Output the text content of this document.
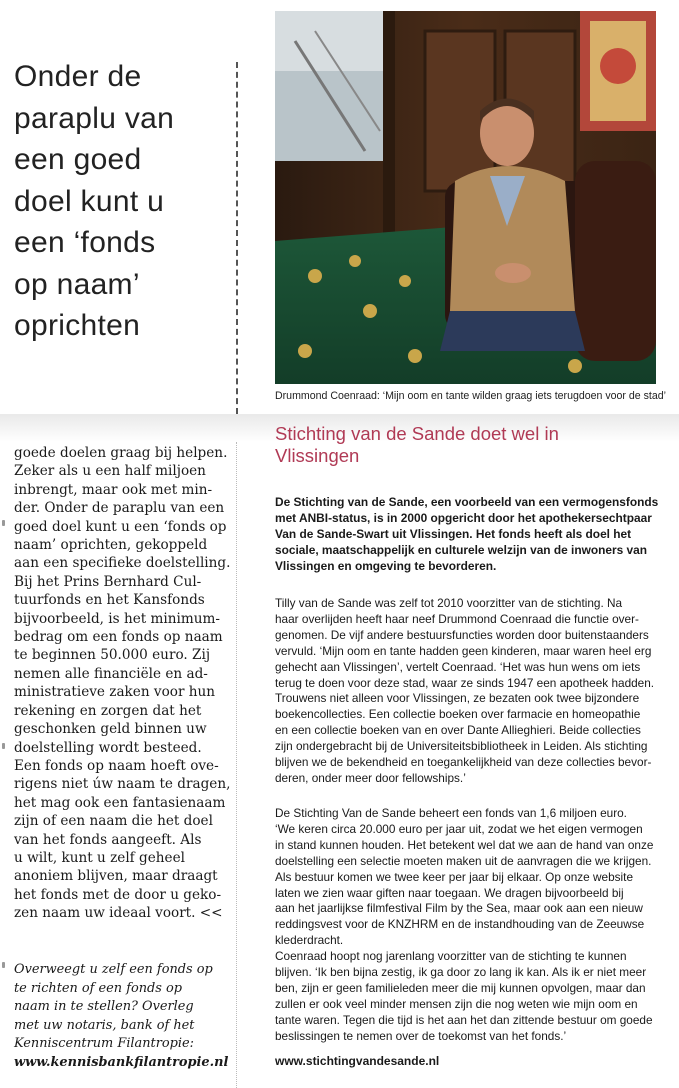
Onder de
paraplu van
een goed
doel kunt u
een ‘fonds
op naam’
oprichten
Drummond Coenraad: ‘Mijn oom en tante wilden graag iets terugdoen voor de stad’
goede doelen graag bij helpen.
Zeker als u een half miljoen
inbrengt, maar ook met min-
der. Onder de paraplu van een
goed doel kunt u een ‘fonds op
naam’ oprichten, gekoppeld
aan een specifieke doelstelling.
Bij het Prins Bernhard Cul-
tuurfonds en het Kansfonds
bijvoorbeeld, is het minimum-
bedrag om een fonds op naam
te beginnen 50.000 euro. Zij
nemen alle financiële en ad-
ministratieve zaken voor hun
rekening en zorgen dat het
geschonken geld binnen uw
doelstelling wordt besteed.
Een fonds op naam hoeft ove-
rigens niet úw naam te dragen,
het mag ook een fantasienaam
zijn of een naam die het doel
van het fonds aangeeft. Als
u wilt, kunt u zelf geheel
anoniem blijven, maar draagt
het fonds met de door u geko-
zen naam uw ideaal voort. <<
Overweegt u zelf een fonds op
te richten of een fonds op
naam in te stellen? Overleg
met uw notaris, bank of het
Kenniscentrum Filantropie:
www.kennisbankfilantropie.nl
Stichting van de Sande doet wel in
Vlissingen
De Stichting van de Sande, een voorbeeld van een vermogensfonds
met ANBI-status, is in 2000 opgericht door het apothekersechtpaar
Van de Sande-Swart uit Vlissingen. Het fonds heeft als doel het
sociale, maatschappelijk en culturele welzijn van de inwoners van
Vlissingen en omgeving te bevorderen.
Tilly van de Sande was zelf tot 2010 voorzitter van de stichting. Na
haar overlijden heeft haar neef Drummond Coenraad die functie over-
genomen. De vijf andere bestuursfuncties worden door buitenstaanders
vervuld. ‘Mijn oom en tante hadden geen kinderen, maar waren heel erg
gehecht aan Vlissingen’, vertelt Coenraad. ‘Het was hun wens om iets
terug te doen voor deze stad, waar ze sinds 1947 een apotheek hadden.
Trouwens niet alleen voor Vlissingen, ze bezaten ook twee bijzondere
boekencollecties. Een collectie boeken over farmacie en homeopathie
en een collectie boeken van en over Dante Allieghieri. Beide collecties
zijn ondergebracht bij de Universiteitsbibliotheek in Leiden. Als stichting
blijven we de bekendheid en toegankelijkheid van deze collecties bevor-
deren, onder meer door fellowships.’
De Stichting Van de Sande beheert een fonds van 1,6 miljoen euro.
‘We keren circa 20.000 euro per jaar uit, zodat we het eigen vermogen
in stand kunnen houden. Het betekent wel dat we aan de hand van onze
doelstelling een selectie moeten maken uit de aanvragen die we krijgen.
Als bestuur komen we twee keer per jaar bij elkaar. Op onze website
laten we zien waar giften naar toegaan. We dragen bijvoorbeeld bij
aan het jaarlijkse filmfestival Film by the Sea, maar ook aan een nieuw
reddingsvest voor de KNZHRM en de instandhouding van de Zeeuwse
klederdracht.
Coenraad hoopt nog jarenlang voorzitter van de stichting te kunnen
blijven. ‘Ik ben bijna zestig, ik ga door zo lang ik kan. Als ik er niet meer
ben, zijn er geen familieleden meer die mij kunnen opvolgen, maar dan
zullen er ook veel minder mensen zijn die nog weten wie mijn oom en
tante waren. Tegen die tijd is het aan het dan zittende bestuur om goede
beslissingen te nemen over de toekomst van het fonds.’
www.stichtingvandesande.nl
